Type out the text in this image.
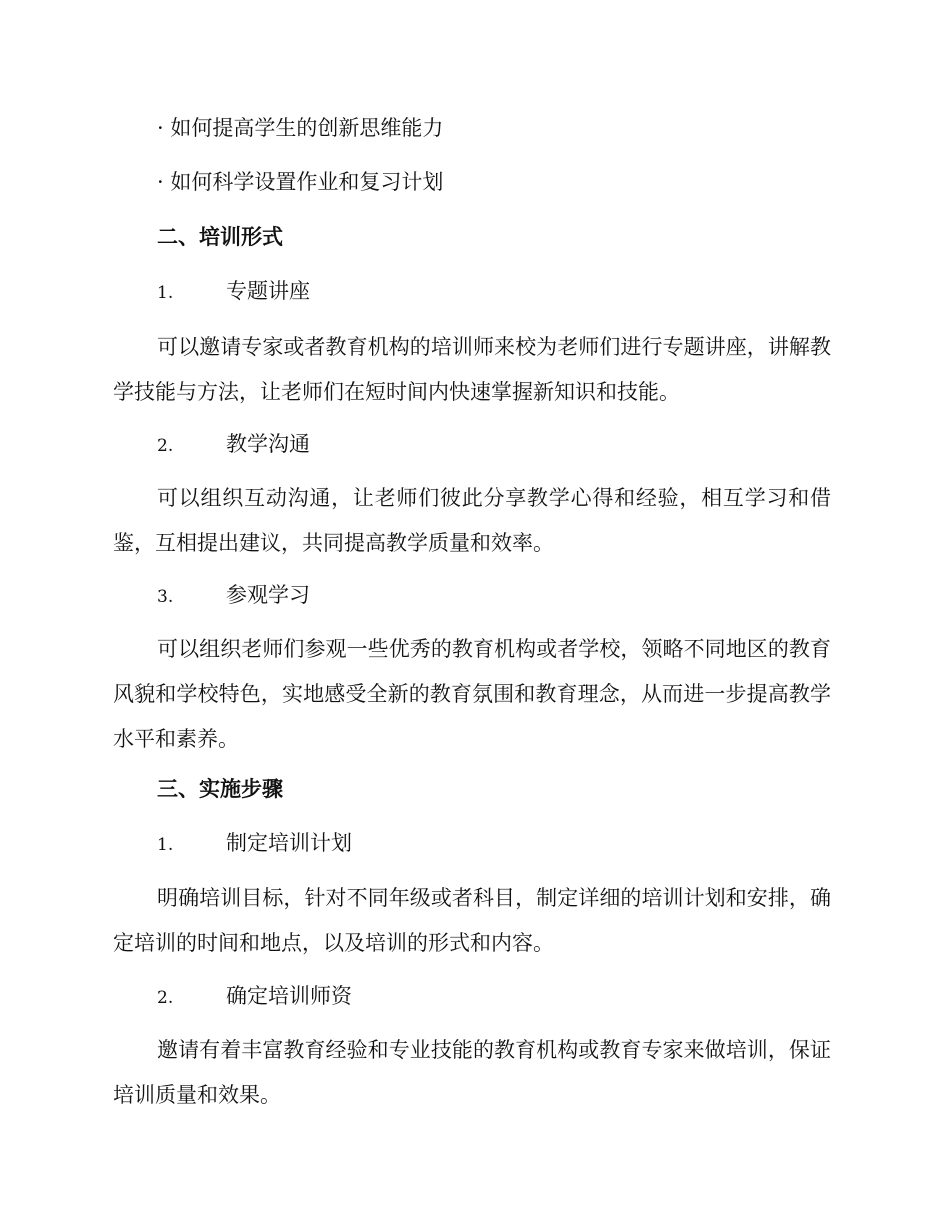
· 如何提高学生的创新思维能力
· 如何科学设置作业和复习计划
二、培训形式
1.	专题讲座

可以邀请专家或者教育机构的培训师来校为老师们进行专题讲座，讲解教学技能与方法，让老师们在短时间内快速掌握新知识和技能。

2.	教学沟通

可以组织互动沟通，让老师们彼此分享教学心得和经验，相互学习和借鉴，互相提出建议，共同提高教学质量和效率。

3.	参观学习

可以组织老师们参观一些优秀的教育机构或者学校，领略不同地区的教育风貌和学校特色，实地感受全新的教育氛围和教育理念，从而进一步提高教学水平和素养。

三、实施步骤
1.	制定培训计划

明确培训目标，针对不同年级或者科目，制定详细的培训计划和安排，确定培训的时间和地点，以及培训的形式和内容。

2.	确定培训师资

邀请有着丰富教育经验和专业技能的教育机构或教育专家来做培训，保证培训质量和效果。
